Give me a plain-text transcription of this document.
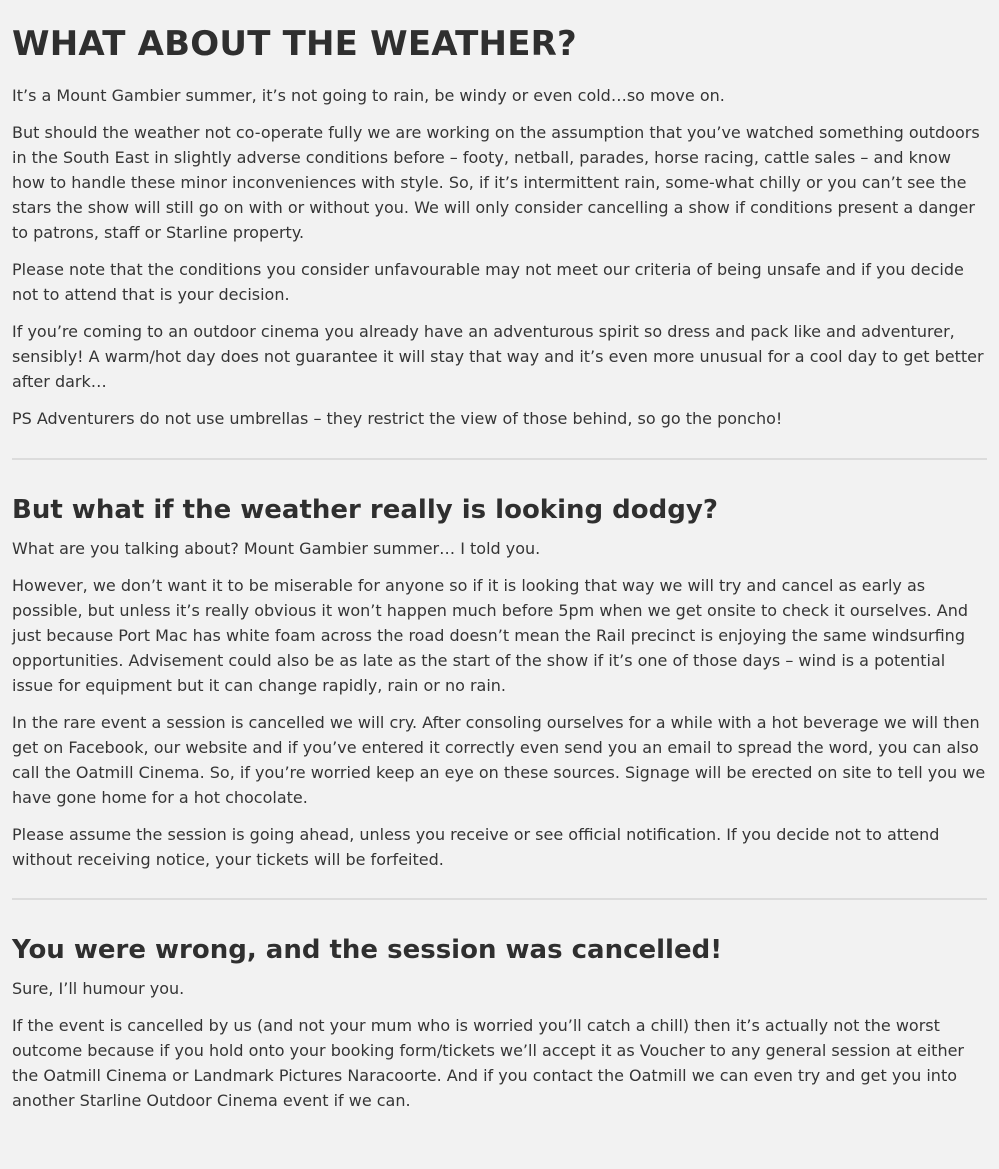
WHAT ABOUT THE WEATHER?

It’s a Mount Gambier summer, it’s not going to rain, be windy or even cold…so move on.

But should the weather not co-operate fully we are working on the assumption that you’ve watched something outdoors in the South East in slightly adverse conditions before – footy, netball, parades, horse racing, cattle sales – and know how to handle these minor inconveniences with style. So, if it’s intermittent rain, some-what chilly or you can’t see the stars the show will still go on with or without you. We will only consider cancelling a show if conditions present a danger to patrons, staff or Starline property.

Please note that the conditions you consider unfavourable may not meet our criteria of being unsafe and if you decide not to attend that is your decision.

If you’re coming to an outdoor cinema you already have an adventurous spirit so dress and pack like and adventurer, sensibly! A warm/hot day does not guarantee it will stay that way and it’s even more unusual for a cool day to get better after dark…

PS Adventurers do not use umbrellas – they restrict the view of those behind, so go the poncho!

But what if the weather really is looking dodgy?

What are you talking about? Mount Gambier summer… I told you.

However, we don’t want it to be miserable for anyone so if it is looking that way we will try and cancel as early as possible, but unless it’s really obvious it won’t happen much before 5pm when we get onsite to check it ourselves. And just because Port Mac has white foam across the road doesn’t mean the Rail precinct is enjoying the same windsurfing opportunities. Advisement could also be as late as the start of the show if it’s one of those days – wind is a potential issue for equipment but it can change rapidly, rain or no rain.

In the rare event a session is cancelled we will cry. After consoling ourselves for a while with a hot beverage we will then get on Facebook, our website and if you’ve entered it correctly even send you an email to spread the word, you can also call the Oatmill Cinema. So, if you’re worried keep an eye on these sources. Signage will be erected on site to tell you we have gone home for a hot chocolate.

Please assume the session is going ahead, unless you receive or see official notification. If you decide not to attend without receiving notice, your tickets will be forfeited.

You were wrong, and the session was cancelled!

Sure, I’ll humour you.

If the event is cancelled by us (and not your mum who is worried you’ll catch a chill) then it’s actually not the worst outcome because if you hold onto your booking form/tickets we’ll accept it as Voucher to any general session at either the Oatmill Cinema or Landmark Pictures Naracoorte. And if you contact the Oatmill we can even try and get you into another Starline Outdoor Cinema event if we can.
